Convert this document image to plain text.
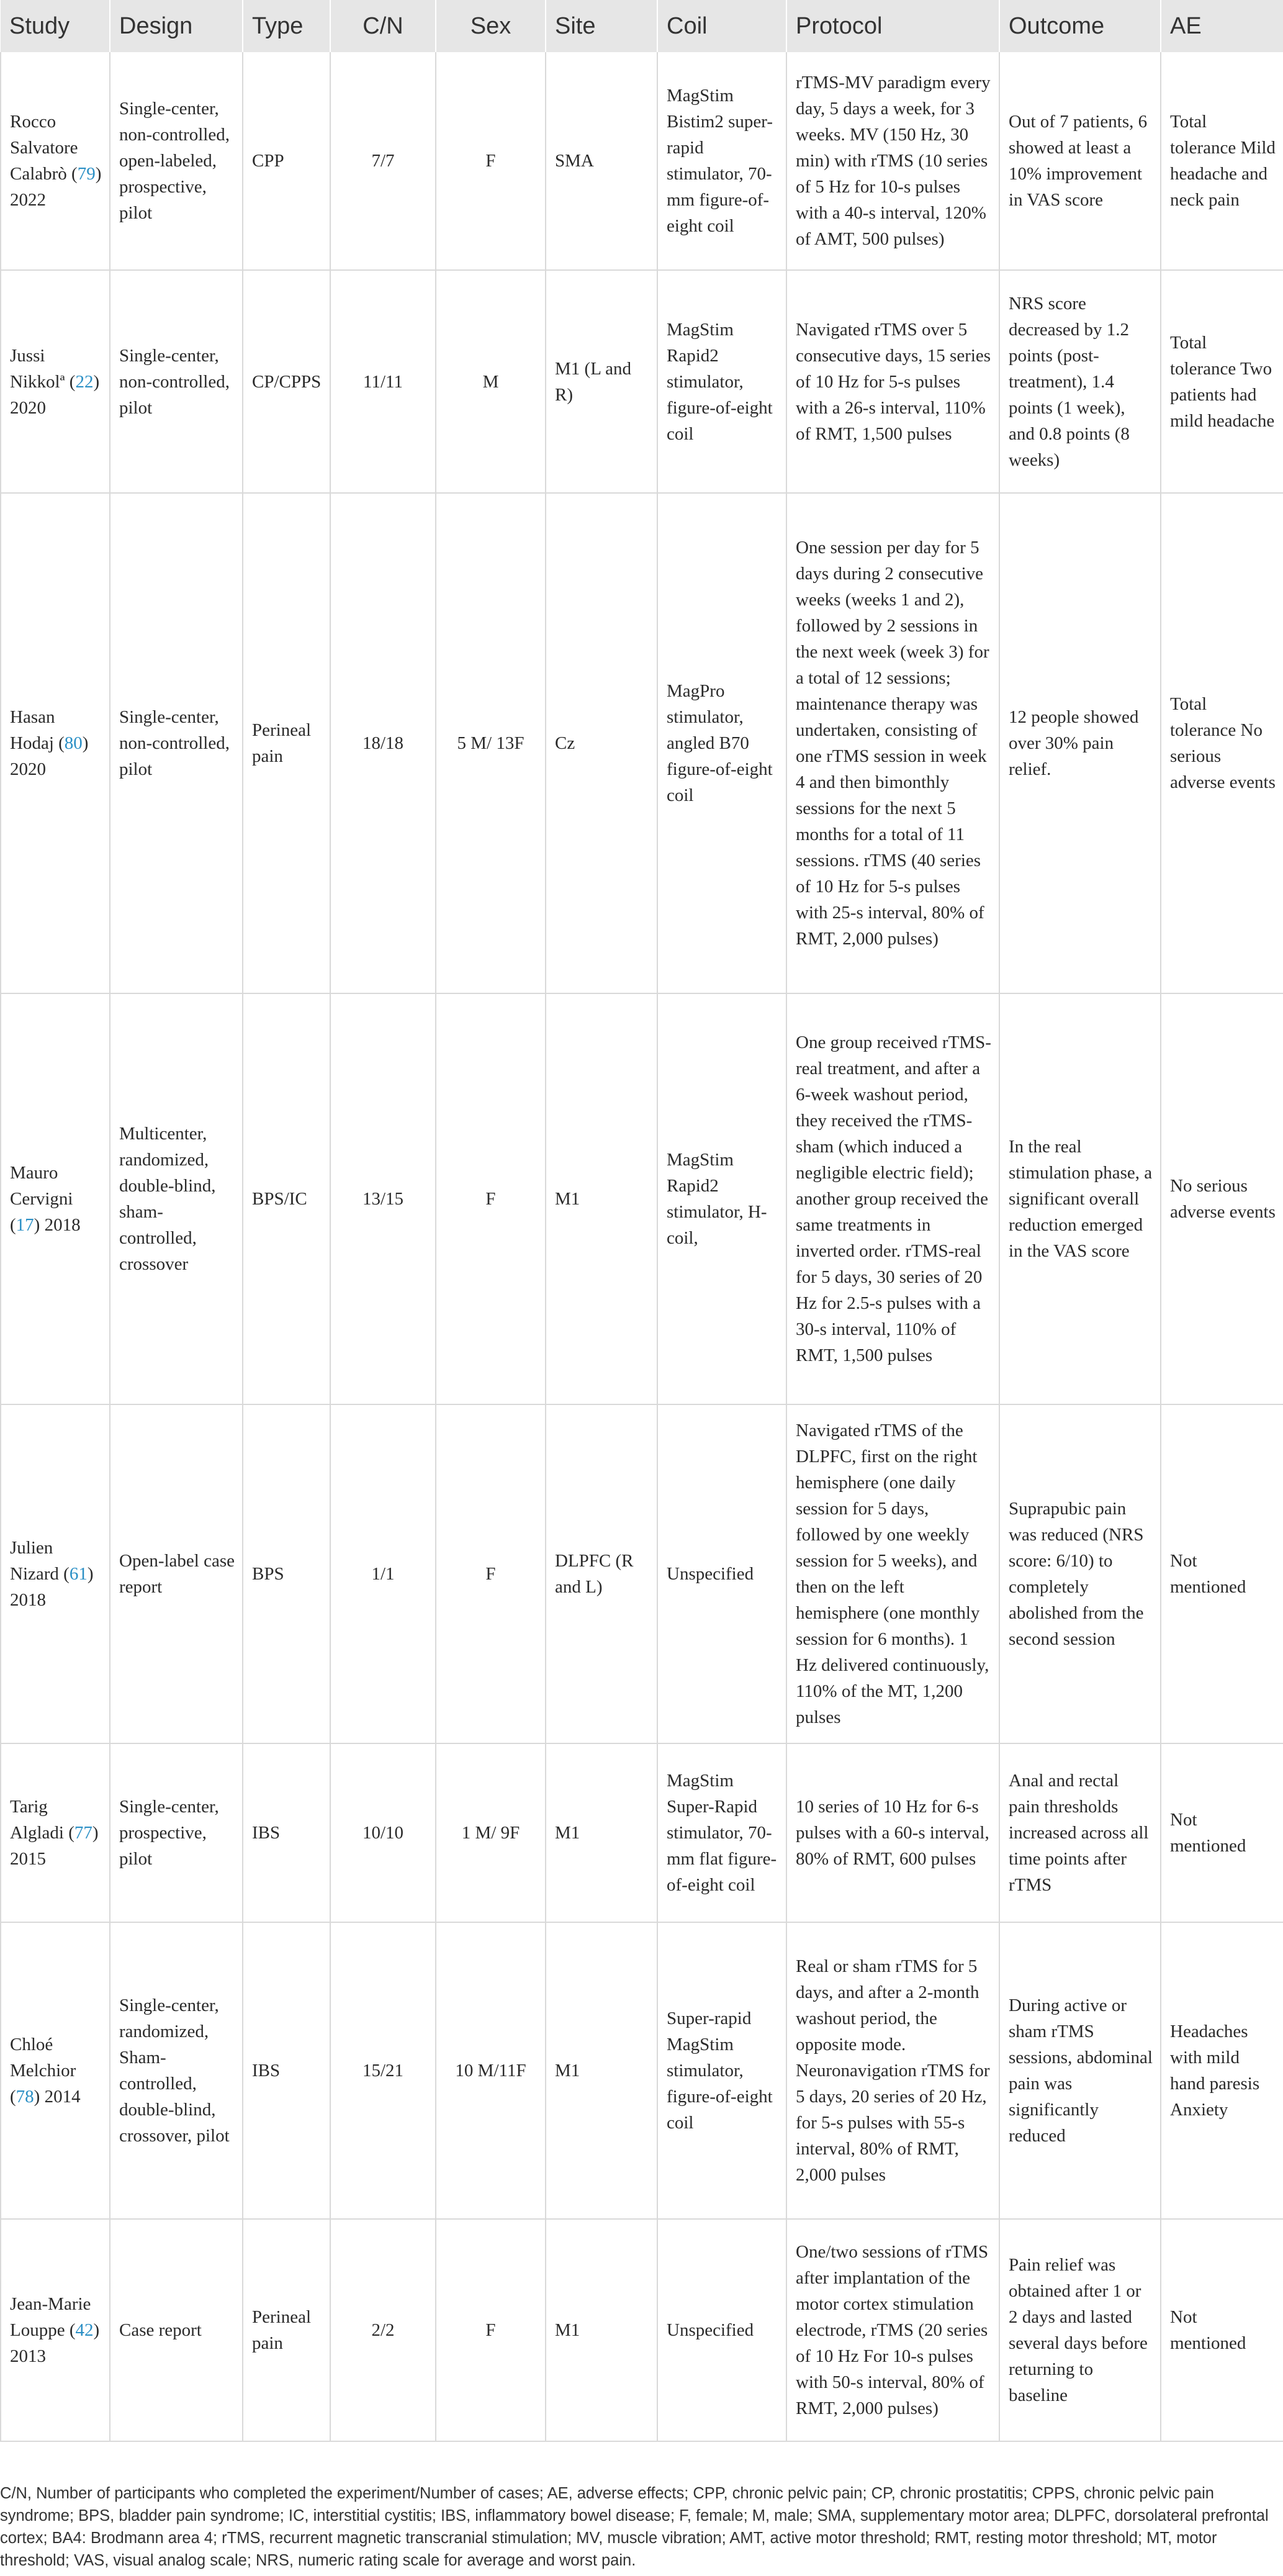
Study	Design	Type	C/N	Sex	Site	Coil	Protocol	Outcome	AE
Rocco Salvatore Calabrò (79) 2022	Single-center, non-controlled, open-labeled, prospective, pilot	CPP	7/7	F	SMA	MagStim Bistim2 super-rapid stimulator, 70-mm figure-of-eight coil	rTMS-MV paradigm every day, 5 days a week, for 3 weeks. MV (150 Hz, 30 min) with rTMS (10 series of 5 Hz for 10-s pulses with a 40-s interval, 120% of AMT, 500 pulses)	Out of 7 patients, 6 showed at least a 10% improvement in VAS score	Total tolerance Mild headache and neck pain
Jussi Nikkolª (22) 2020	Single-center, non-controlled, pilot	CP/CPPS	11/11	M	M1 (L and R)	MagStim Rapid2 stimulator, figure-of-eight coil	Navigated rTMS over 5 consecutive days, 15 series of 10 Hz for 5-s pulses with a 26-s interval, 110% of RMT, 1,500 pulses	NRS score decreased by 1.2 points (post-treatment), 1.4 points (1 week), and 0.8 points (8 weeks)	Total tolerance Two patients had mild headache
Hasan Hodaj (80) 2020	Single-center, non-controlled, pilot	Perineal pain	18/18	5 M/ 13F	Cz	MagPro stimulator, angled B70 figure-of-eight coil	One session per day for 5 days during 2 consecutive weeks (weeks 1 and 2), followed by 2 sessions in the next week (week 3) for a total of 12 sessions; maintenance therapy was undertaken, consisting of one rTMS session in week 4 and then bimonthly sessions for the next 5 months for a total of 11 sessions. rTMS (40 series of 10 Hz for 5-s pulses with 25-s interval, 80% of RMT, 2,000 pulses)	12 people showed over 30% pain relief.	Total tolerance No serious adverse events
Mauro Cervigni (17) 2018	Multicenter, randomized, double-blind, sham-controlled, crossover	BPS/IC	13/15	F	M1	MagStim Rapid2 stimulator, H-coil,	One group received rTMS-real treatment, and after a 6-week washout period, they received the rTMS-sham (which induced a negligible electric field); another group received the same treatments in inverted order. rTMS-real for 5 days, 30 series of 20 Hz for 2.5-s pulses with a 30-s interval, 110% of RMT, 1,500 pulses	In the real stimulation phase, a significant overall reduction emerged in the VAS score	No serious adverse events
Julien Nizard (61) 2018	Open-label case report	BPS	1/1	F	DLPFC (R and L)	Unspecified	Navigated rTMS of the DLPFC, first on the right hemisphere (one daily session for 5 days, followed by one weekly session for 5 weeks), and then on the left hemisphere (one monthly session for 6 months). 1 Hz delivered continuously, 110% of the MT, 1,200 pulses	Suprapubic pain was reduced (NRS score: 6/10) to completely abolished from the second session	Not mentioned
Tarig Algladi (77) 2015	Single-center, prospective, pilot	IBS	10/10	1 M/ 9F	M1	MagStim Super-Rapid stimulator, 70-mm flat figure-of-eight coil	10 series of 10 Hz for 6-s pulses with a 60-s interval, 80% of RMT, 600 pulses	Anal and rectal pain thresholds increased across all time points after rTMS	Not mentioned
Chloé Melchior (78) 2014	Single-center, randomized, Sham-controlled, double-blind, crossover, pilot	IBS	15/21	10 M/11F	M1	Super-rapid MagStim stimulator, figure-of-eight coil	Real or sham rTMS for 5 days, and after a 2-month washout period, the opposite mode. Neuronavigation rTMS for 5 days, 20 series of 20 Hz, for 5-s pulses with 55-s interval, 80% of RMT, 2,000 pulses	During active or sham rTMS sessions, abdominal pain was significantly reduced	Headaches with mild hand paresis Anxiety
Jean-Marie Louppe (42) 2013	Case report	Perineal pain	2/2	F	M1	Unspecified	One/two sessions of rTMS after implantation of the motor cortex stimulation electrode, rTMS (20 series of 10 Hz For 10-s pulses with 50-s interval, 80% of RMT, 2,000 pulses)	Pain relief was obtained after 1 or 2 days and lasted several days before returning to baseline	Not mentioned
C/N, Number of participants who completed the experiment/Number of cases; AE, adverse effects; CPP, chronic pelvic pain; CP, chronic prostatitis; CPPS, chronic pelvic pain syndrome; BPS, bladder pain syndrome; IC, interstitial cystitis; IBS, inflammatory bowel disease; F, female; M, male; SMA, supplementary motor area; DLPFC, dorsolateral prefrontal cortex; BA4: Brodmann area 4; rTMS, recurrent magnetic transcranial stimulation; MV, muscle vibration; AMT, active motor threshold; RMT, resting motor threshold; MT, motor threshold; VAS, visual analog scale; NRS, numeric rating scale for average and worst pain.
